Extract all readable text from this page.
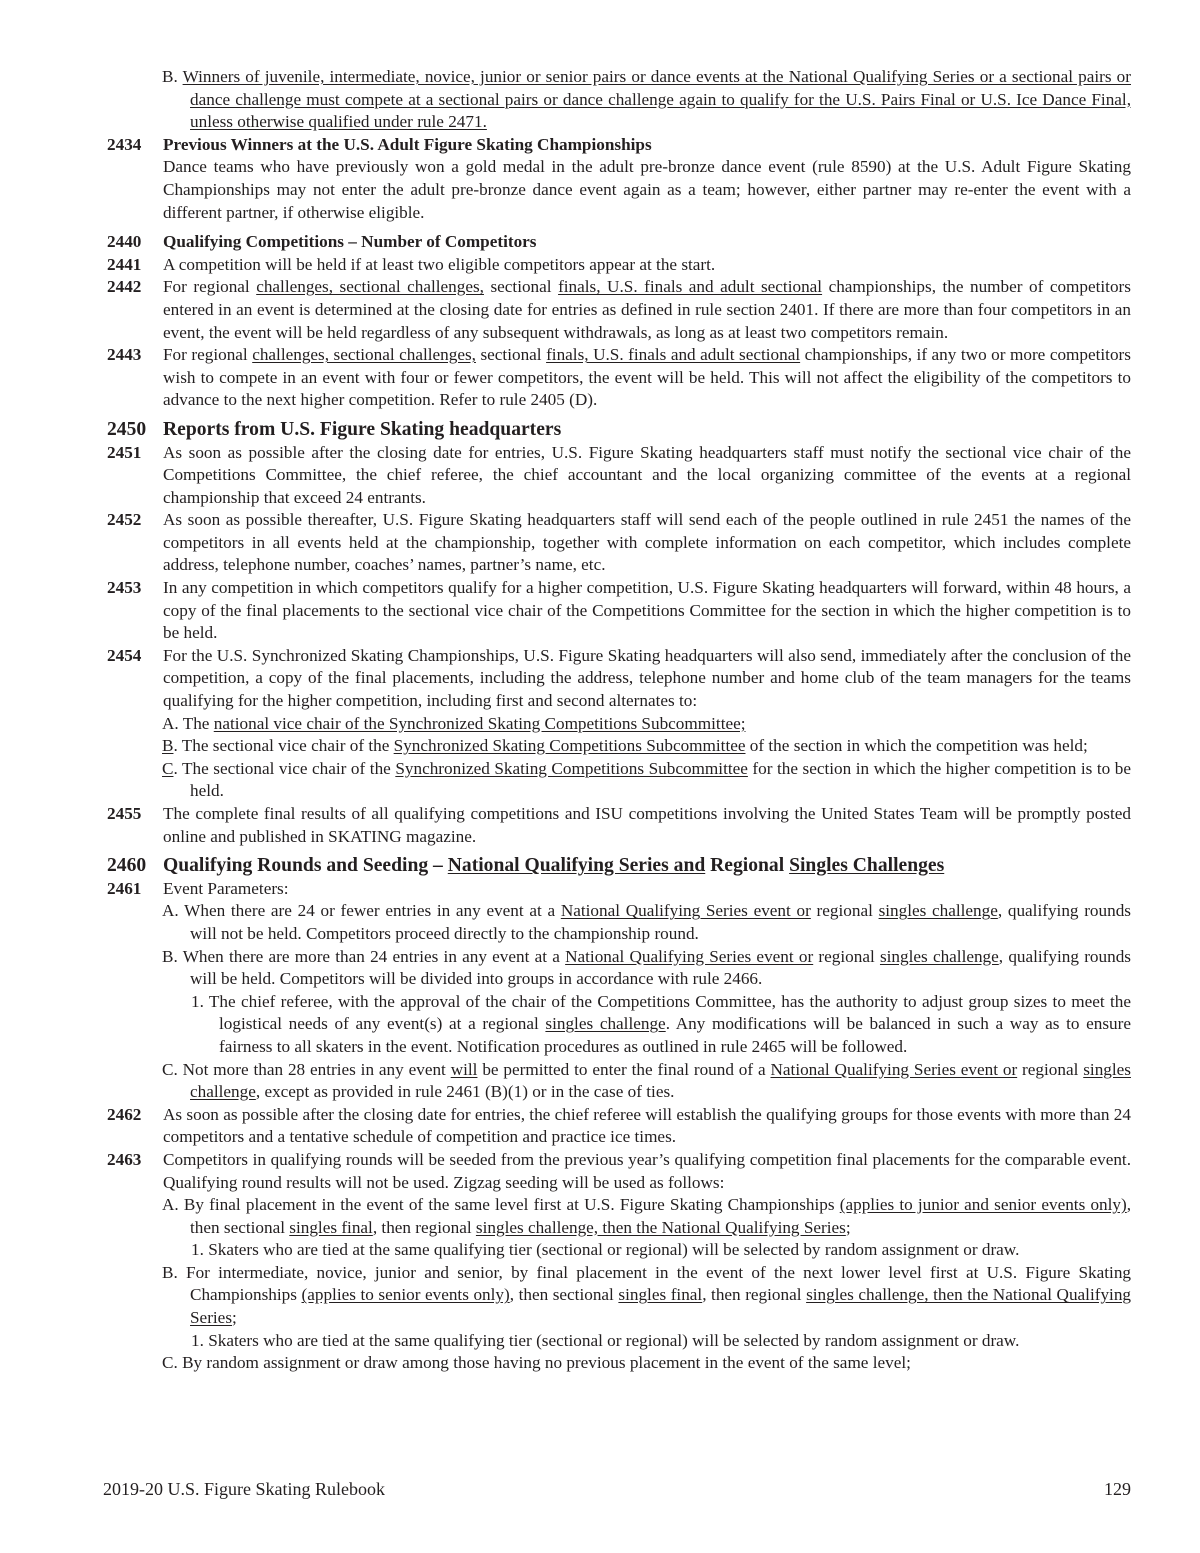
B. Winners of juvenile, intermediate, novice, junior or senior pairs or dance events at the National Qualifying Series or a sectional pairs or dance challenge must compete at a sectional pairs or dance challenge again to qualify for the U.S. Pairs Final or U.S. Ice Dance Final, unless otherwise qualified under rule 2471.
2434	Previous Winners at the U.S. Adult Figure Skating Championships
Dance teams who have previously won a gold medal in the adult pre-bronze dance event (rule 8590) at the U.S. Adult Figure Skating Championships may not enter the adult pre-bronze dance event again as a team; however, either partner may re-enter the event with a different partner, if otherwise eligible.
2440	Qualifying Competitions – Number of Competitors
2441	A competition will be held if at least two eligible competitors appear at the start.
2442	For regional challenges, sectional challenges, sectional finals, U.S. finals and adult sectional championships, the number of competitors entered in an event is determined at the closing date for entries as defined in rule section 2401. If there are more than four competitors in an event, the event will be held regardless of any subsequent withdrawals, as long as at least two competitors remain.
2443	For regional challenges, sectional challenges, sectional finals, U.S. finals and adult sectional championships, if any two or more competitors wish to compete in an event with four or fewer competitors, the event will be held. This will not affect the eligibility of the competitors to advance to the next higher competition. Refer to rule 2405 (D).
2450 Reports from U.S. Figure Skating headquarters
2451	As soon as possible after the closing date for entries, U.S. Figure Skating headquarters staff must notify the sectional vice chair of the Competitions Committee, the chief referee, the chief accountant and the local organizing committee of the events at a regional championship that exceed 24 entrants.
2452	As soon as possible thereafter, U.S. Figure Skating headquarters staff will send each of the people outlined in rule 2451 the names of the competitors in all events held at the championship, together with complete information on each competitor, which includes complete address, telephone number, coaches’ names, partner’s name, etc.
2453	In any competition in which competitors qualify for a higher competition, U.S. Figure Skating headquarters will forward, within 48 hours, a copy of the final placements to the sectional vice chair of the Competitions Committee for the section in which the higher competition is to be held.
2454	For the U.S. Synchronized Skating Championships, U.S. Figure Skating headquarters will also send, immediately after the conclusion of the competition, a copy of the final placements, including the address, telephone number and home club of the team managers for the teams qualifying for the higher competition, including first and second alternates to:
A. The national vice chair of the Synchronized Skating Competitions Subcommittee;
B. The sectional vice chair of the Synchronized Skating Competitions Subcommittee of the section in which the competition was held;
C. The sectional vice chair of the Synchronized Skating Competitions Subcommittee for the section in which the higher competition is to be held.
2455	The complete final results of all qualifying competitions and ISU competitions involving the United States Team will be promptly posted online and published in SKATING magazine.
2460 Qualifying Rounds and Seeding – National Qualifying Series and Regional Singles Challenges
2461	Event Parameters:
A. When there are 24 or fewer entries in any event at a National Qualifying Series event or regional singles challenge, qualifying rounds will not be held. Competitors proceed directly to the championship round.
B. When there are more than 24 entries in any event at a National Qualifying Series event or regional singles challenge, qualifying rounds will be held. Competitors will be divided into groups in accordance with rule 2466.
1. The chief referee, with the approval of the chair of the Competitions Committee, has the authority to adjust group sizes to meet the logistical needs of any event(s) at a regional singles challenge. Any modifications will be balanced in such a way as to ensure fairness to all skaters in the event. Notification procedures as outlined in rule 2465 will be followed.
C. Not more than 28 entries in any event will be permitted to enter the final round of a National Qualifying Series event or regional singles challenge, except as provided in rule 2461 (B)(1) or in the case of ties.
2462	As soon as possible after the closing date for entries, the chief referee will establish the qualifying groups for those events with more than 24 competitors and a tentative schedule of competition and practice ice times.
2463	Competitors in qualifying rounds will be seeded from the previous year’s qualifying competition final placements for the comparable event. Qualifying round results will not be used. Zigzag seeding will be used as follows:
A. By final placement in the event of the same level first at U.S. Figure Skating Championships (applies to junior and senior events only), then sectional singles final, then regional singles challenge, then the National Qualifying Series;
1. Skaters who are tied at the same qualifying tier (sectional or regional) will be selected by random assignment or draw.
B. For intermediate, novice, junior and senior, by final placement in the event of the next lower level first at U.S. Figure Skating Championships (applies to senior events only), then sectional singles final, then regional singles challenge, then the National Qualifying Series;
1. Skaters who are tied at the same qualifying tier (sectional or regional) will be selected by random assignment or draw.
C. By random assignment or draw among those having no previous placement in the event of the same level;
2019-20 U.S. Figure Skating Rulebook	129
